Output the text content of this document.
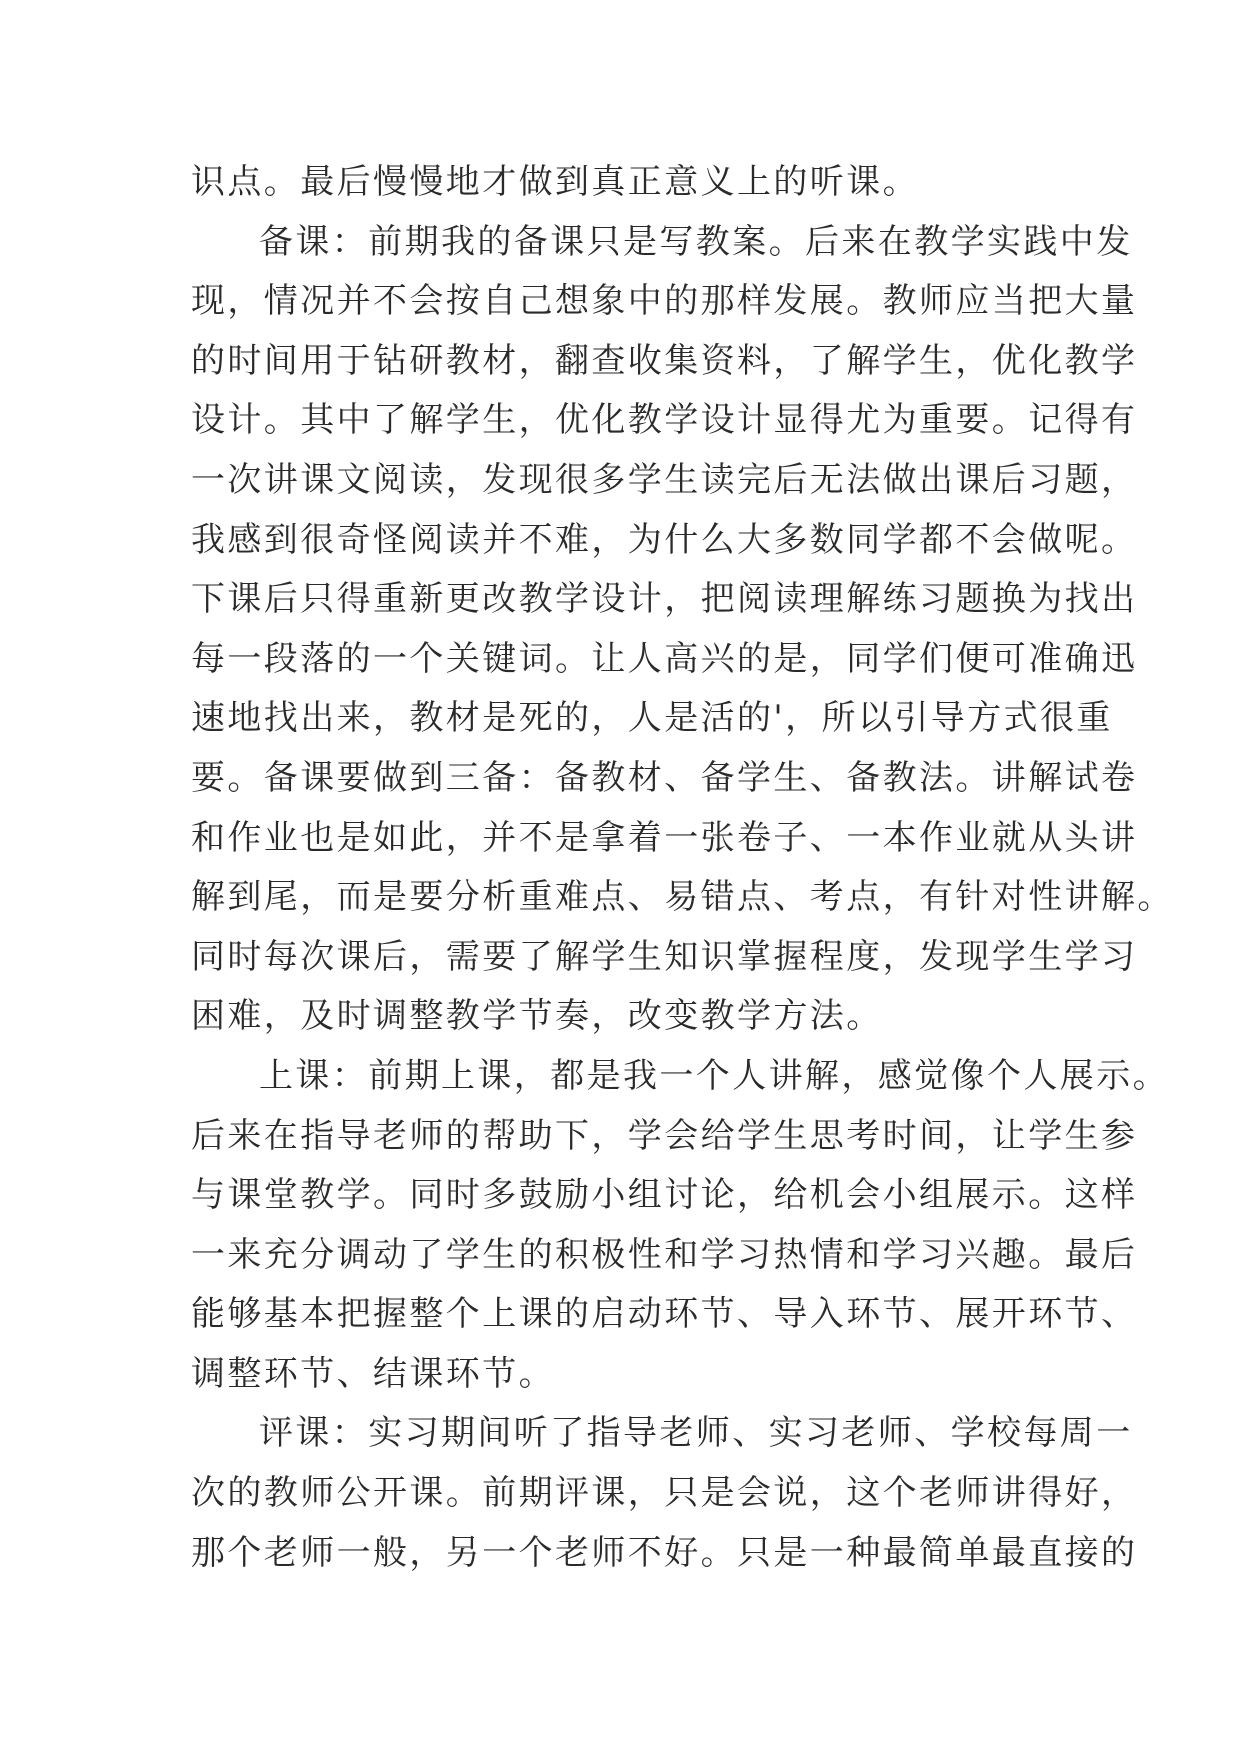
识点。最后慢慢地才做到真正意义上的听课。
备课：前期我的备课只是写教案。后来在教学实践中发
现，情况并不会按自己想象中的那样发展。教师应当把大量
的时间用于钻研教材，翻查收集资料，了解学生，优化教学
设计。其中了解学生，优化教学设计显得尤为重要。记得有
一次讲课文阅读，发现很多学生读完后无法做出课后习题，
我感到很奇怪阅读并不难，为什么大多数同学都不会做呢。
下课后只得重新更改教学设计，把阅读理解练习题换为找出
每一段落的一个关键词。让人高兴的是，同学们便可准确迅
速地找出来，教材是死的，人是活的'，所以引导方式很重
要。备课要做到三备：备教材、备学生、备教法。讲解试卷
和作业也是如此，并不是拿着一张卷子、一本作业就从头讲
解到尾，而是要分析重难点、易错点、考点，有针对性讲解。
同时每次课后，需要了解学生知识掌握程度，发现学生学习
困难，及时调整教学节奏，改变教学方法。
上课：前期上课，都是我一个人讲解，感觉像个人展示。
后来在指导老师的帮助下，学会给学生思考时间，让学生参
与课堂教学。同时多鼓励小组讨论，给机会小组展示。这样
一来充分调动了学生的积极性和学习热情和学习兴趣。最后
能够基本把握整个上课的启动环节、导入环节、展开环节、
调整环节、结课环节。
评课：实习期间听了指导老师、实习老师、学校每周一
次的教师公开课。前期评课，只是会说，这个老师讲得好，
那个老师一般，另一个老师不好。只是一种最简单最直接的
